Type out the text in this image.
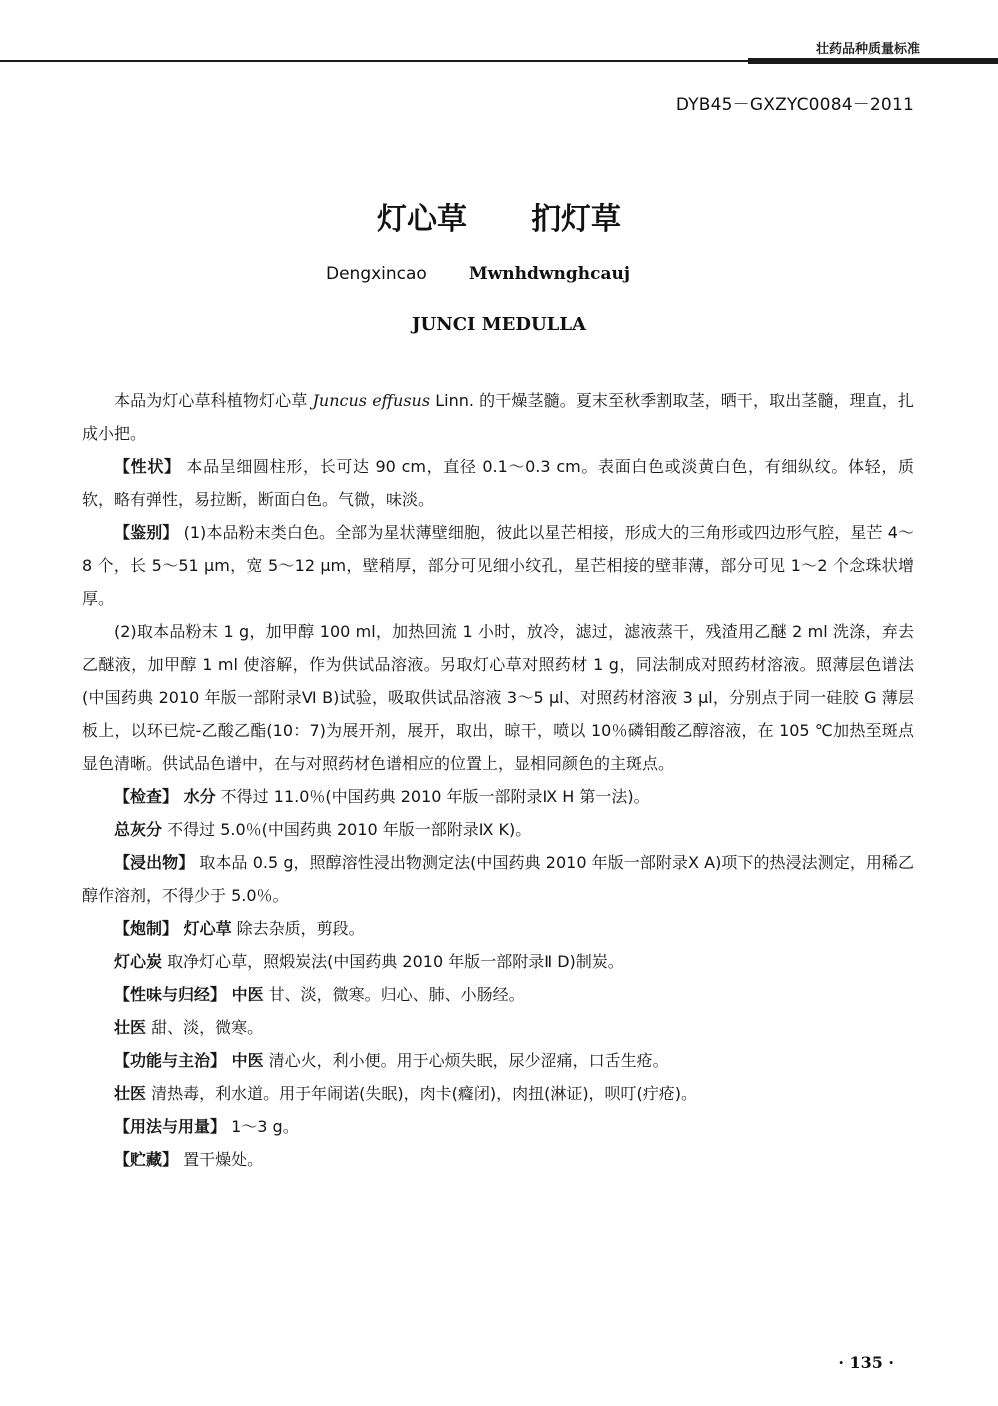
壮药品种质量标准
DYB45－GXZYC0084－2011
灯心草 扪灯草
Dengxincao Mwnhdwnghcauj
JUNCI MEDULLA

本品为灯心草科植物灯心草 Juncus effusus Linn. 的干燥茎髓。夏末至秋季割取茎，晒干，取出茎髓，理直，扎成小把。

【性状】 本品呈细圆柱形，长可达 90 cm，直径 0.1～0.3 cm。表面白色或淡黄白色，有细纵纹。体轻，质软，略有弹性，易拉断，断面白色。气微，味淡。

【鉴别】 (1)本品粉末类白色。全部为星状薄壁细胞，彼此以星芒相接，形成大的三角形或四边形气腔，星芒 4～8 个，长 5～51 μm，宽 5～12 μm，壁稍厚，部分可见细小纹孔，星芒相接的壁菲薄，部分可见 1～2 个念珠状增厚。

(2)取本品粉末 1 g，加甲醇 100 ml，加热回流 1 小时，放冷，滤过，滤液蒸干，残渣用乙醚 2 ml 洗涤，弃去乙醚液，加甲醇 1 ml 使溶解，作为供试品溶液。另取灯心草对照药材 1 g，同法制成对照药材溶液。照薄层色谱法(中国药典 2010 年版一部附录Ⅵ B)试验，吸取供试品溶液 3～5 μl、对照药材溶液 3 μl，分别点于同一硅胶 G 薄层板上，以环已烷-乙酸乙酯(10：7)为展开剂，展开，取出，晾干，喷以 10％磷钼酸乙醇溶液，在 105 ℃加热至斑点显色清晰。供试品色谱中，在与对照药材色谱相应的位置上，显相同颜色的主斑点。

【检查】 水分 不得过 11.0％(中国药典 2010 年版一部附录Ⅸ H 第一法)。

总灰分 不得过 5.0％(中国药典 2010 年版一部附录Ⅸ K)。

【浸出物】 取本品 0.5 g，照醇溶性浸出物测定法(中国药典 2010 年版一部附录Ⅹ A)项下的热浸法测定，用稀乙醇作溶剂，不得少于 5.0％。

【炮制】 灯心草 除去杂质，剪段。

灯心炭 取净灯心草，照煅炭法(中国药典 2010 年版一部附录Ⅱ D)制炭。

【性味与归经】 中医 甘、淡，微寒。归心、肺、小肠经。

壮医 甜、淡，微寒。

【功能与主治】 中医 清心火，利小便。用于心烦失眠，尿少涩痛，口舌生疮。

壮医 清热毒，利水道。用于年闹诺(失眠)，肉卡(癃闭)，肉扭(淋证)，呗叮(疔疮)。

【用法与用量】 1～3 g。

【贮藏】 置干燥处。

· 135 ·
